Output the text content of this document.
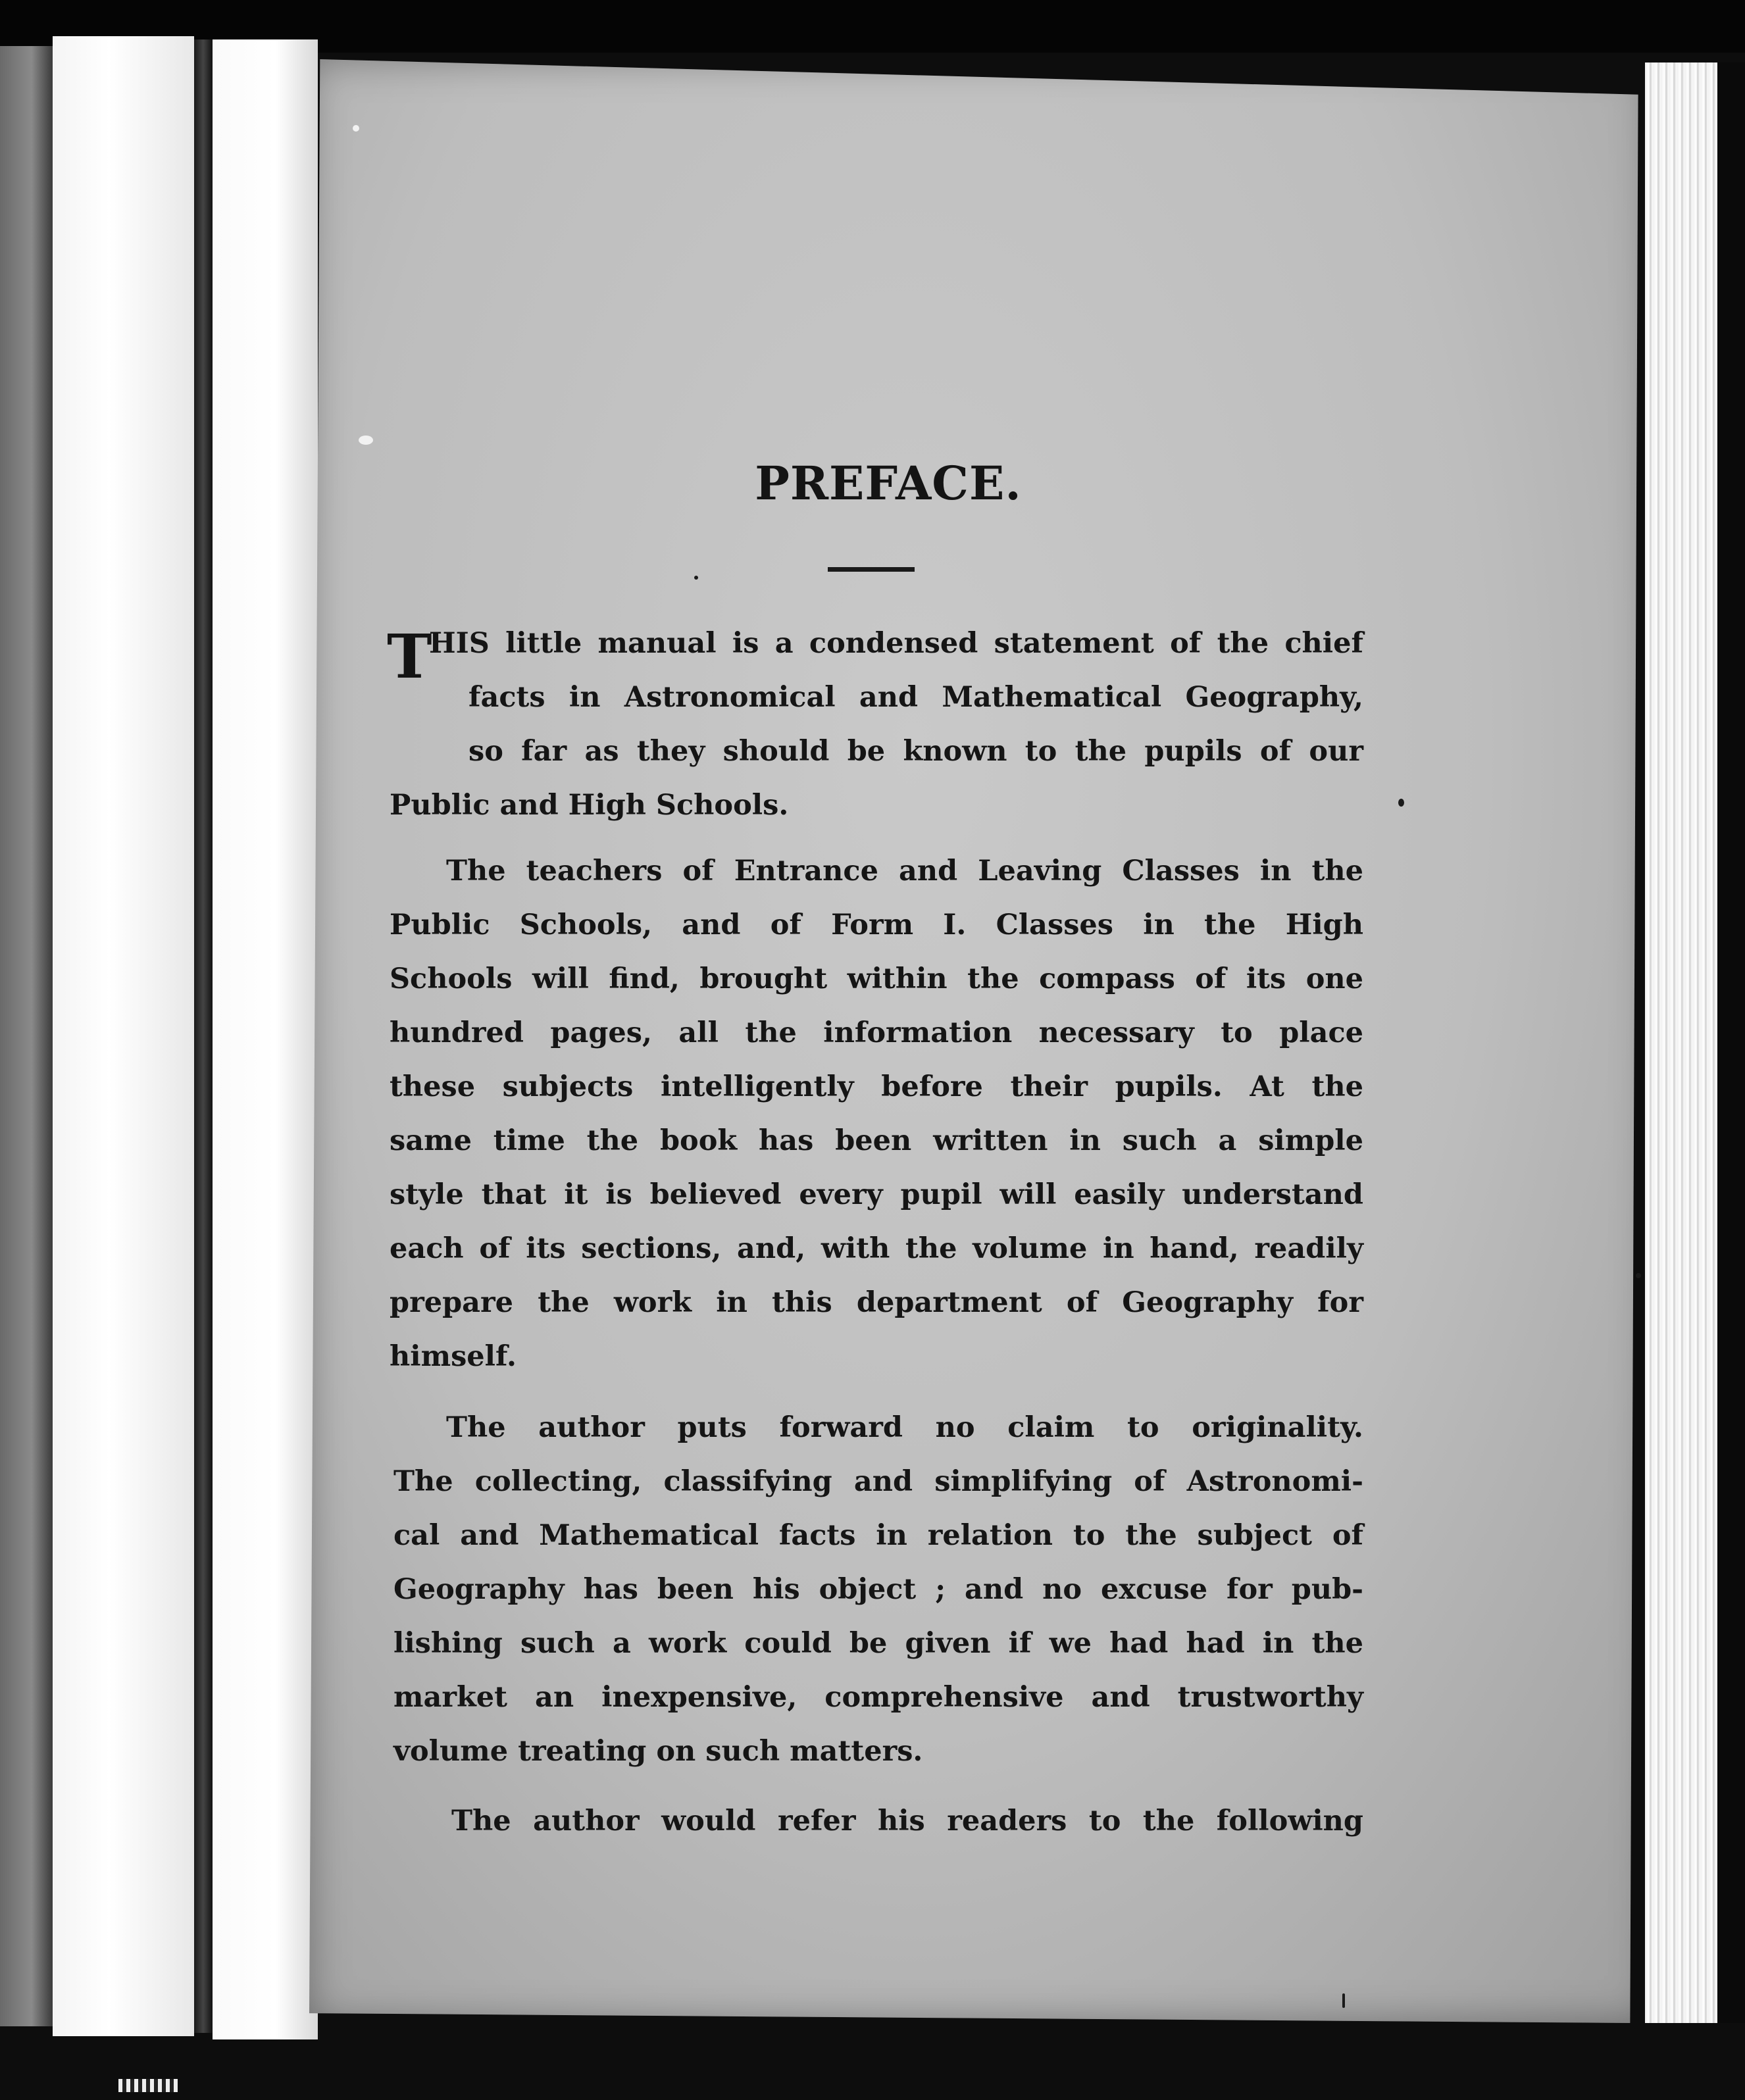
PREFACE.
T

HIS little manual is a condensed statement of the chief

facts in Astronomical and Mathematical Geography,

so far as they should be known to the pupils of our

Public and High Schools.

The teachers of Entrance and Leaving Classes in the

Public Schools, and of Form I. Classes in the High

Schools will find, brought within the compass of its one

hundred pages, all the information necessary to place

these subjects intelligently before their pupils. At the

same time the book has been written in such a simple

style that it is believed every pupil will easily understand

each of its sections, and, with the volume in hand, readily

prepare the work in this department of Geography for

himself.

The author puts forward no claim to originality.

The collecting, classifying and simplifying of Astronomi-

cal and Mathematical facts in relation to the subject of

Geography has been his object ; and no excuse for pub-

lishing such a work could be given if we had had in the

market an inexpensive, comprehensive and trustworthy

volume treating on such matters.

The author would refer his readers to the following
